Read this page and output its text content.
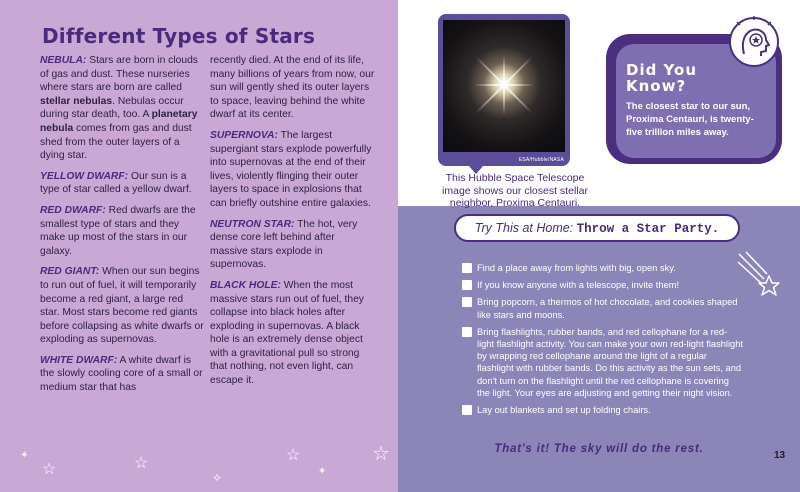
Different Types of Stars

NEBULA: Stars are born in clouds of gas and dust. These nurseries where stars are born are called stellar nebulas. Nebulas occur during star death, too. A planetary nebula comes from gas and dust shed from the outer layers of a dying star.

YELLOW DWARF: Our sun is a type of star called a yellow dwarf.

RED DWARF: Red dwarfs are the smallest type of stars and they make up most of the stars in our galaxy.

RED GIANT: When our sun begins to run out of fuel, it will temporarily become a red giant, a large red star. Most stars become red giants before collapsing as white dwarfs or exploding as supernovas.

WHITE DWARF: A white dwarf is the slowly cooling core of a small or medium star that has

recently died. At the end of its life, many billions of years from now, our sun will gently shed its outer layers to space, leaving behind the white dwarf at its center.

SUPERNOVA: The largest supergiant stars explode powerfully into supernovas at the end of their lives, violently flinging their outer layers to space in explosions that can briefly outshine entire galaxies.

NEUTRON STAR: The hot, very dense core left behind after massive stars explode in supernovas.

BLACK HOLE: When the most massive stars run out of fuel, they collapse into black holes after exploding in supernovas. A black hole is an extremely dense object with a gravitational pull so strong that nothing, not even light, can escape it.

☆
✦	☆
✧
☆
✦
☆
ESA/Hubble/NASA

This Hubble Space Telescope image shows our closest stellar neighbor, Proxima Centauri.

Did You Know?

The closest star to our sun, Proxima Centauri, is twenty-five trillion miles away.

Try This at Home: Throw a Star Party.
Find a place away from lights with big, open sky.
If you know anyone with a telescope, invite them!
Bring popcorn, a thermos of hot chocolate, and cookies shaped like stars and moons.
Bring flashlights, rubber bands, and red cellophane for a red-light flashlight activity. You can make your own red-light flashlight by wrapping red cellophane around the light of a regular flashlight with rubber bands. Do this activity as the sun sets, and don't turn on the flashlight until the red cellophane is covering the light. Your eyes are adjusting and getting their night vision.
Lay out blankets and set up folding chairs.

That's it! The sky will do the rest.

13
